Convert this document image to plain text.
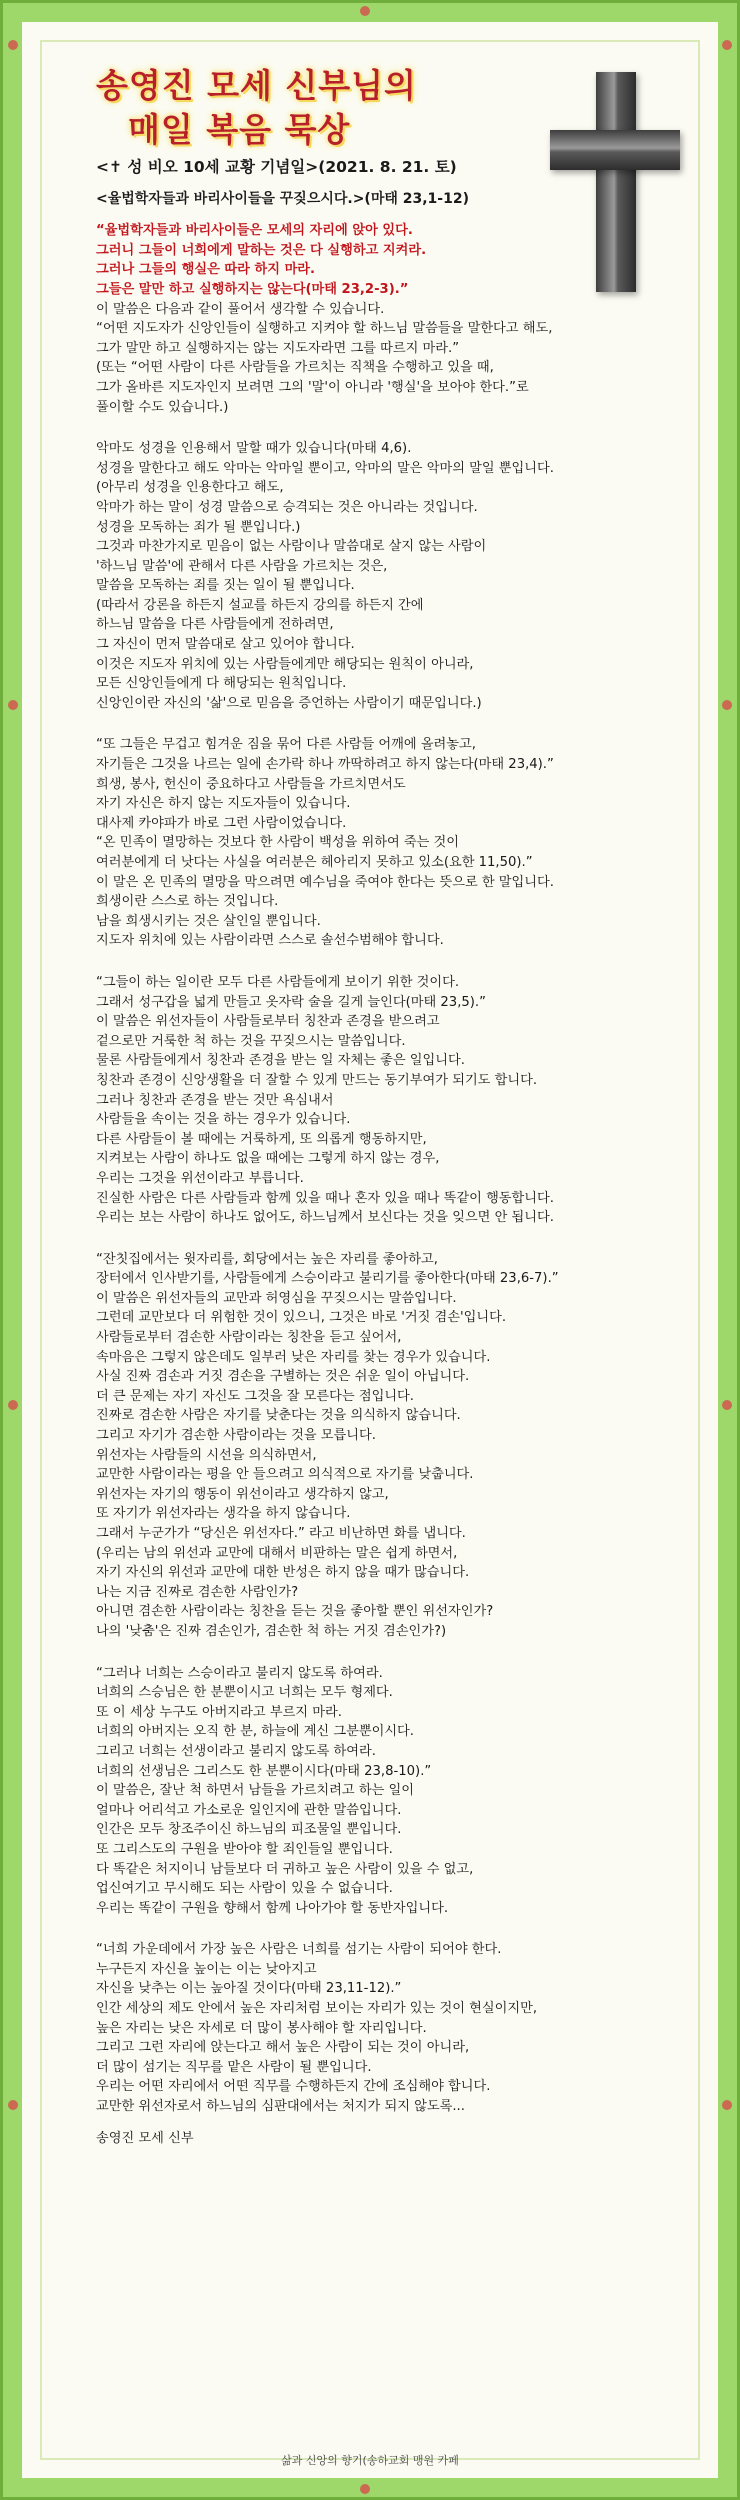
송영진 모세 신부님의
매일 복음 묵상

<✝ 성 비오 10세 교황 기념일>(2021. 8. 21. 토)

<율법학자들과 바리사이들을 꾸짖으시다.>(마태 23,1-12)

“율법학자들과 바리사이들은 모세의 자리에 앉아 있다.
그러니 그들이 너희에게 말하는 것은 다 실행하고 지켜라.
그러나 그들의 행실은 따라 하지 마라.
그들은 말만 하고 실행하지는 않는다(마태 23,2-3).”

이 말씀은 다음과 같이 풀어서 생각할 수 있습니다.
“어떤 지도자가 신앙인들이 실행하고 지켜야 할 하느님 말씀들을 말한다고 해도,
그가 말만 하고 실행하지는 않는 지도자라면 그를 따르지 마라.”
(또는 “어떤 사람이 다른 사람들을 가르치는 직책을 수행하고 있을 때,
그가 올바른 지도자인지 보려면 그의 '말'이 아니라 '행실'을 보아야 한다.”로
풀이할 수도 있습니다.)

악마도 성경을 인용해서 말할 때가 있습니다(마태 4,6).
성경을 말한다고 해도 악마는 악마일 뿐이고, 악마의 말은 악마의 말일 뿐입니다.
(아무리 성경을 인용한다고 해도,
악마가 하는 말이 성경 말씀으로 승격되는 것은 아니라는 것입니다.
성경을 모독하는 죄가 될 뿐입니다.)
그것과 마찬가지로 믿음이 없는 사람이나 말씀대로 살지 않는 사람이
'하느님 말씀'에 관해서 다른 사람을 가르치는 것은,
말씀을 모독하는 죄를 짓는 일이 될 뿐입니다.
(따라서 강론을 하든지 설교를 하든지 강의를 하든지 간에
하느님 말씀을 다른 사람들에게 전하려면,
그 자신이 먼저 말씀대로 살고 있어야 합니다.
이것은 지도자 위치에 있는 사람들에게만 해당되는 원칙이 아니라,
모든 신앙인들에게 다 해당되는 원칙입니다.
신앙인이란 자신의 '삶'으로 믿음을 증언하는 사람이기 때문입니다.)

“또 그들은 무겁고 힘겨운 짐을 묶어 다른 사람들 어깨에 올려놓고,
자기들은 그것을 나르는 일에 손가락 하나 까딱하려고 하지 않는다(마태 23,4).”
희생, 봉사, 헌신이 중요하다고 사람들을 가르치면서도
자기 자신은 하지 않는 지도자들이 있습니다.
대사제 카야파가 바로 그런 사람이었습니다.
“온 민족이 멸망하는 것보다 한 사람이 백성을 위하여 죽는 것이
여러분에게 더 낫다는 사실을 여러분은 헤아리지 못하고 있소(요한 11,50).”
이 말은 온 민족의 멸망을 막으려면 예수님을 죽여야 한다는 뜻으로 한 말입니다.
희생이란 스스로 하는 것입니다.
남을 희생시키는 것은 살인일 뿐입니다.
지도자 위치에 있는 사람이라면 스스로 솔선수범해야 합니다.

“그들이 하는 일이란 모두 다른 사람들에게 보이기 위한 것이다.
그래서 성구갑을 넓게 만들고 옷자락 술을 길게 늘인다(마태 23,5).”
이 말씀은 위선자들이 사람들로부터 칭찬과 존경을 받으려고
겉으로만 거룩한 척 하는 것을 꾸짖으시는 말씀입니다.
물론 사람들에게서 칭찬과 존경을 받는 일 자체는 좋은 일입니다.
칭찬과 존경이 신앙생활을 더 잘할 수 있게 만드는 동기부여가 되기도 합니다.
그러나 칭찬과 존경을 받는 것만 욕심내서
사람들을 속이는 것을 하는 경우가 있습니다.
다른 사람들이 볼 때에는 거룩하게, 또 의롭게 행동하지만,
지켜보는 사람이 하나도 없을 때에는 그렇게 하지 않는 경우,
우리는 그것을 위선이라고 부릅니다.
진실한 사람은 다른 사람들과 함께 있을 때나 혼자 있을 때나 똑같이 행동합니다.
우리는 보는 사람이 하나도 없어도, 하느님께서 보신다는 것을 잊으면 안 됩니다.

“잔칫집에서는 윗자리를, 회당에서는 높은 자리를 좋아하고,
장터에서 인사받기를, 사람들에게 스승이라고 불리기를 좋아한다(마태 23,6-7).”
이 말씀은 위선자들의 교만과 허영심을 꾸짖으시는 말씀입니다.
그런데 교만보다 더 위험한 것이 있으니, 그것은 바로 '거짓 겸손'입니다.
사람들로부터 겸손한 사람이라는 칭찬을 듣고 싶어서,
속마음은 그렇지 않은데도 일부러 낮은 자리를 찾는 경우가 있습니다.
사실 진짜 겸손과 거짓 겸손을 구별하는 것은 쉬운 일이 아닙니다.
더 큰 문제는 자기 자신도 그것을 잘 모른다는 점입니다.
진짜로 겸손한 사람은 자기를 낮춘다는 것을 의식하지 않습니다.
그리고 자기가 겸손한 사람이라는 것을 모릅니다.
위선자는 사람들의 시선을 의식하면서,
교만한 사람이라는 평을 안 들으려고 의식적으로 자기를 낮춥니다.
위선자는 자기의 행동이 위선이라고 생각하지 않고,
또 자기가 위선자라는 생각을 하지 않습니다.
그래서 누군가가 “당신은 위선자다.” 라고 비난하면 화를 냅니다.
(우리는 남의 위선과 교만에 대해서 비판하는 말은 쉽게 하면서,
자기 자신의 위선과 교만에 대한 반성은 하지 않을 때가 많습니다.
나는 지금 진짜로 겸손한 사람인가?
아니면 겸손한 사람이라는 칭찬을 듣는 것을 좋아할 뿐인 위선자인가?
나의 '낮춤'은 진짜 겸손인가, 겸손한 척 하는 거짓 겸손인가?)

“그러나 너희는 스승이라고 불리지 않도록 하여라.
너희의 스승님은 한 분뿐이시고 너희는 모두 형제다.
또 이 세상 누구도 아버지라고 부르지 마라.
너희의 아버지는 오직 한 분, 하늘에 계신 그분뿐이시다.
그리고 너희는 선생이라고 불리지 않도록 하여라.
너희의 선생님은 그리스도 한 분뿐이시다(마태 23,8-10).”
이 말씀은, 잘난 척 하면서 남들을 가르치려고 하는 일이
얼마나 어리석고 가소로운 일인지에 관한 말씀입니다.
인간은 모두 창조주이신 하느님의 피조물일 뿐입니다.
또 그리스도의 구원을 받아야 할 죄인들일 뿐입니다.
다 똑같은 처지이니 남들보다 더 귀하고 높은 사람이 있을 수 없고,
업신여기고 무시해도 되는 사람이 있을 수 없습니다.
우리는 똑같이 구원을 향해서 함께 나아가야 할 동반자입니다.

“너희 가운데에서 가장 높은 사람은 너희를 섬기는 사람이 되어야 한다.
누구든지 자신을 높이는 이는 낮아지고
자신을 낮추는 이는 높아질 것이다(마태 23,11-12).”
인간 세상의 제도 안에서 높은 자리처럼 보이는 자리가 있는 것이 현실이지만,
높은 자리는 낮은 자세로 더 많이 봉사해야 할 자리입니다.
그리고 그런 자리에 앉는다고 해서 높은 사람이 되는 것이 아니라,
더 많이 섬기는 직무를 맡은 사람이 될 뿐입니다.
우리는 어떤 자리에서 어떤 직무를 수행하든지 간에 조심해야 합니다.
교만한 위선자로서 하느님의 심판대에서는 처지가 되지 않도록...

송영진 모세 신부

삶과 신앙의 향기(송하교회 맹원 카페
